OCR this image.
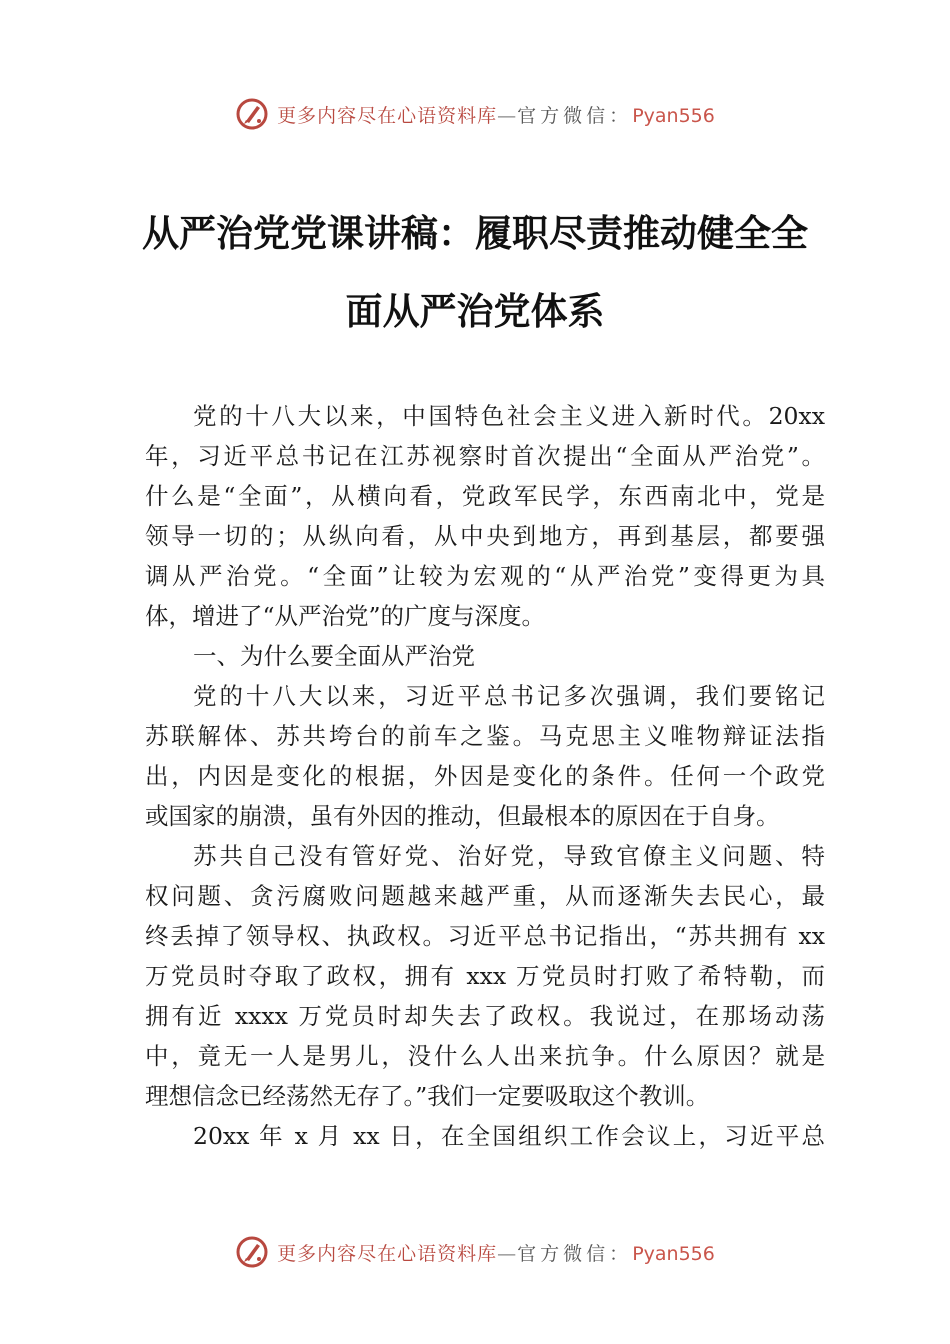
更多内容尽在心语资料库—官方微信：Pyan556
从严治党党课讲稿：履职尽责推动健全全
面从严治党体系
党的十八大以来，中国特色社会主义进入新时代。20xx
年，习近平总书记在江苏视察时首次提出“全面从严治党”。
什么是“全面”，从横向看，党政军民学，东西南北中，党是
领导一切的；从纵向看，从中央到地方，再到基层，都要强
调从严治党。“全面”让较为宏观的“从严治党”变得更为具
体，增进了“从严治党”的广度与深度。
一、为什么要全面从严治党
党的十八大以来，习近平总书记多次强调，我们要铭记
苏联解体、苏共垮台的前车之鉴。马克思主义唯物辩证法指
出，内因是变化的根据，外因是变化的条件。任何一个政党
或国家的崩溃，虽有外因的推动，但最根本的原因在于自身。
苏共自己没有管好党、治好党，导致官僚主义问题、特
权问题、贪污腐败问题越来越严重，从而逐渐失去民心，最
终丢掉了领导权、执政权。习近平总书记指出，“苏共拥有 xx
万党员时夺取了政权，拥有 xxx 万党员时打败了希特勒，而
拥有近 xxxx 万党员时却失去了政权。我说过，在那场动荡
中，竟无一人是男儿，没什么人出来抗争。什么原因？就是
理想信念已经荡然无存了。”我们一定要吸取这个教训。
20xx 年 x 月 xx 日，在全国组织工作会议上，习近平总
更多内容尽在心语资料库—官方微信：Pyan556
